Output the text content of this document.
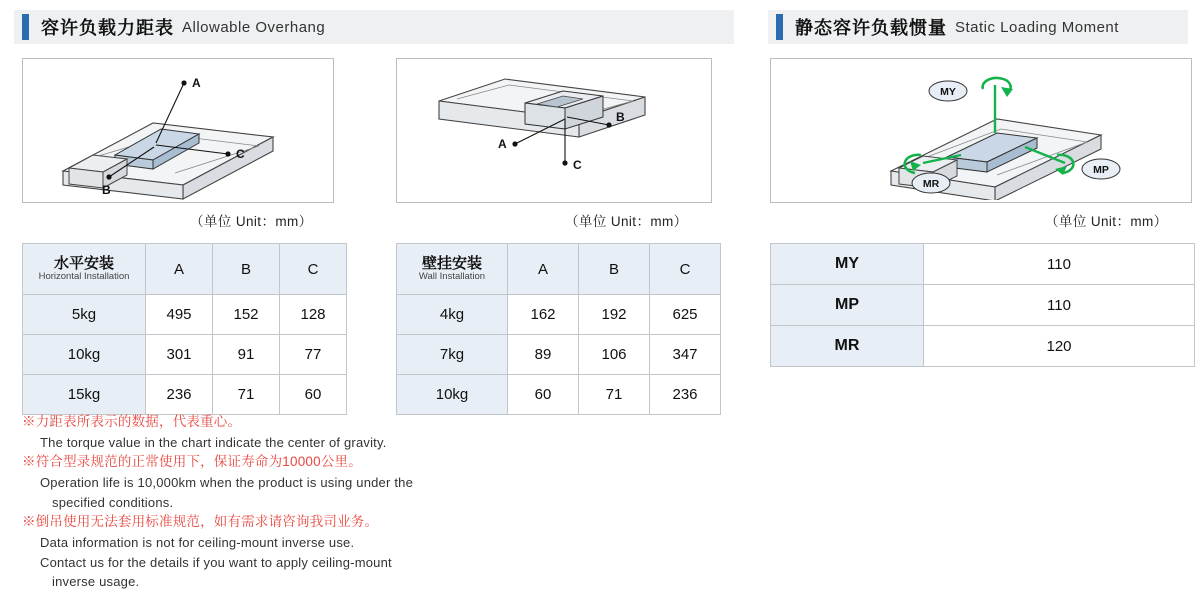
容许负载力距表 Allowable Overhang	静态容许负载惯量 Static Loading Moment
A
C
B
A
B
C
MY
MP
MR
（单位 Unit：mm）	（单位 Unit：mm）	（单位 Unit：mm）
水平安装
Horizontal Installation	A	B	C
5kg	495	152	128
10kg	301	91	77
15kg	236	71	60
壁挂安装
Wall Installation	A	B	C
4kg	162	192	625
7kg	89	106	347
10kg	60	71	236
MY	110
MP	110
MR	120
※力距表所表示的数据，代表重心。
The torque value in the chart indicate the center of gravity.
※符合型录规范的正常使用下，保证寿命为10000公里。
Operation life is 10,000km when the product is using under the
specified conditions.
※倒吊使用无法套用标准规范，如有需求请咨询我司业务。
Data information is not for ceiling-mount inverse use.
Contact us for the details if you want to apply ceiling-mount
inverse usage.
